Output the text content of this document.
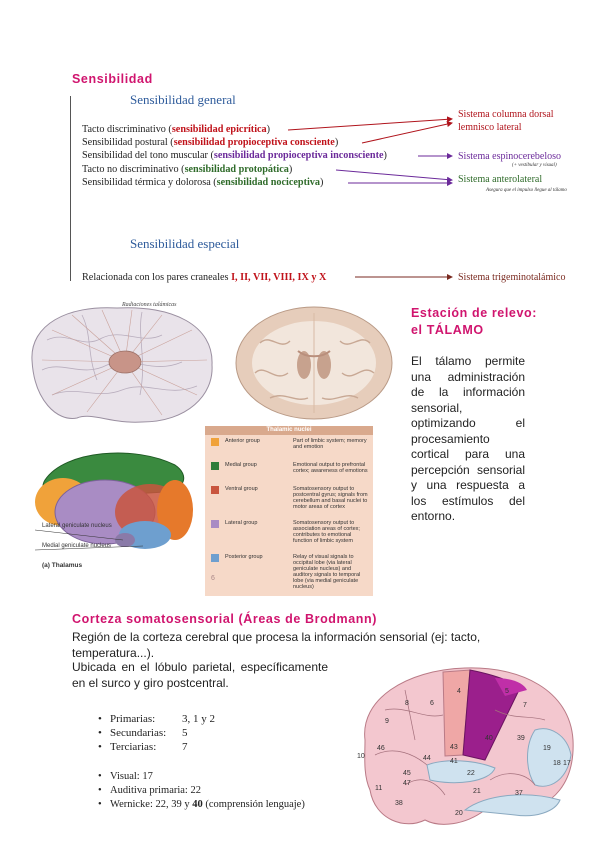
Sensibilidad
Sensibilidad general
Tacto discriminativo (sensibilidad epicrítica)
Sensibilidad postural (sensibilidad propioceptiva consciente)
Sensibilidad del tono muscular (sensibilidad propioceptiva inconsciente)
Tacto no discriminativo (sensibilidad protopática)
Sensibilidad térmica y dolorosa (sensibilidad nociceptiva)
Sistema columna dorsal
lemnisco lateral
Sistema espinocerebeloso
(+ vestibular y visual)
Sistema anterolateral
Asegura que el impulso llegue al tálamo
Sensibilidad especial
Relacionada con los pares craneales I, II, VII, VIII, IX y X	Sistema trigeminotalámico
Radiaciones talámicas
Lateral geniculate nucleus
Medial geniculate nucleus
(a) Thalamus
Thalamic nuclei
Anterior group	Part of limbic system; memory and emotion
Medial group	Emotional output to prefrontal cortex; awareness of emotions
Ventral group	Somatosensory output to postcentral gyrus; signals from cerebellum and basal nuclei to motor areas of cortex
Lateral group	Somatosensory output to association areas of cortex; contributes to emotional function of limbic system
Posterior group	Relay of visual signals to occipital lobe (via lateral geniculate nucleus) and auditory signals to temporal lobe (via medial geniculate nucleus)
6
Estación de relevo:
el TÁLAMO
El tálamo permite una administración de la información sensorial, optimizando el procesamiento cortical para una percepción sensorial y una respuesta a los estímulos del entorno.
Corteza somatosensorial (Áreas de Brodmann)
Región de la corteza cerebral que procesa la información sensorial (ej: tacto, temperatura...).
Ubicada en el lóbulo parietal, específicamente en el surco y giro postcentral.
• Primarias: 3, 1 y 2
• Secundarias: 5
• Terciarias: 7
• Visual: 17
• Auditiva primaria: 22
• Wernicke: 22, 39 y 40 (comprensión lenguaje)
4
6
8
9
10
11
44
45
46
47
38
20
21
22
37
39
40
41
43	19
18 17
7
5
